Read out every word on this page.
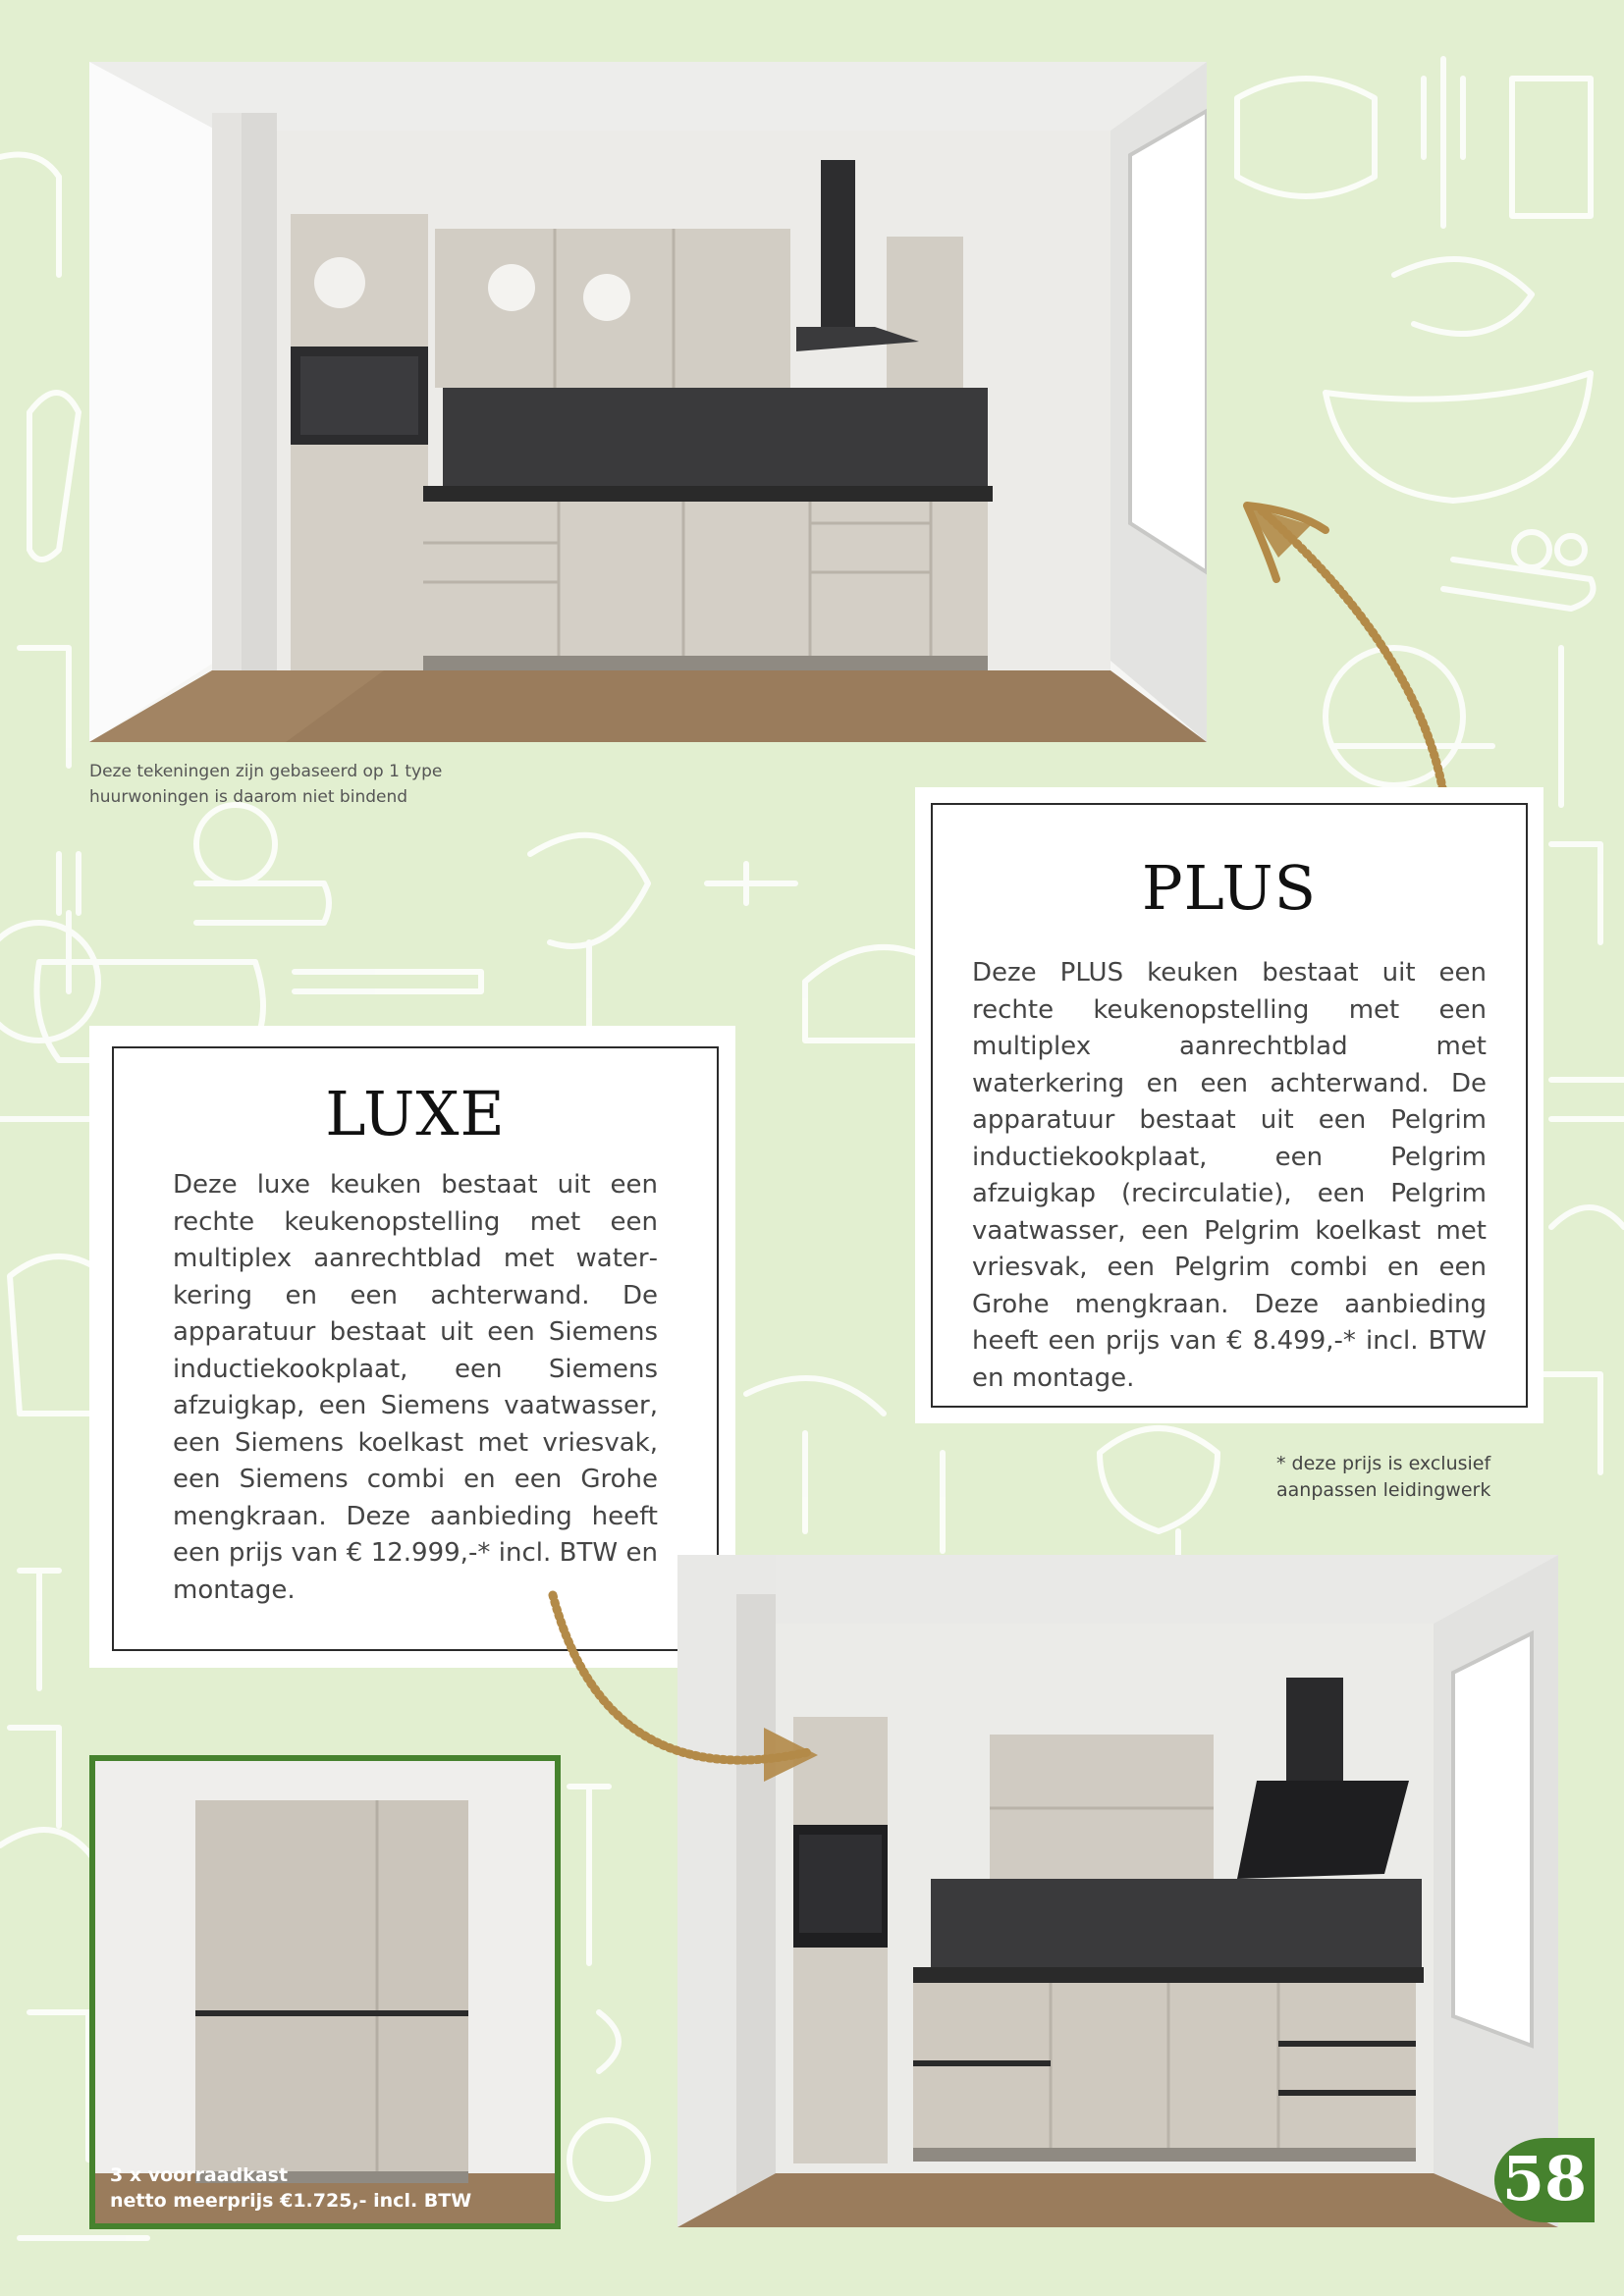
Deze tekeningen zijn gebaseerd op 1 type huurwoningen is daarom niet bindend
PLUS

Deze PLUS keuken bestaat uit een rechte keukenopstelling met een multiplex aanrechtblad met waterkering en een achterwand. De apparatuur bestaat uit een Pelgrim inductiekookplaat, een Pelgrim afzuigkap (recirculatie), een Pelgrim vaatwasser, een Pelgrim koelkast met vriesvak, een Pelgrim combi en een Grohe mengkraan. Deze aanbieding heeft een prijs van € 8.499,-* incl. BTW en montage.

* deze prijs is exclusief aanpassen leidingwerk
LUXE

Deze luxe keuken bestaat uit een rechte keukenopstelling met een multiplex aanrechtblad met waterkering en een achterwand. De apparatuur bestaat uit een Siemens inductiekookplaat, een Siemens afzuigkap, een Siemens vaatwasser, een Siemens koelkast met vriesvak, een Siemens combi en een Grohe mengkraan. Deze aanbieding heeft een prijs van € 12.999,-* incl. BTW en montage.

3 x voorraadkast
netto meerprijs €1.725,- incl. BTW	58
